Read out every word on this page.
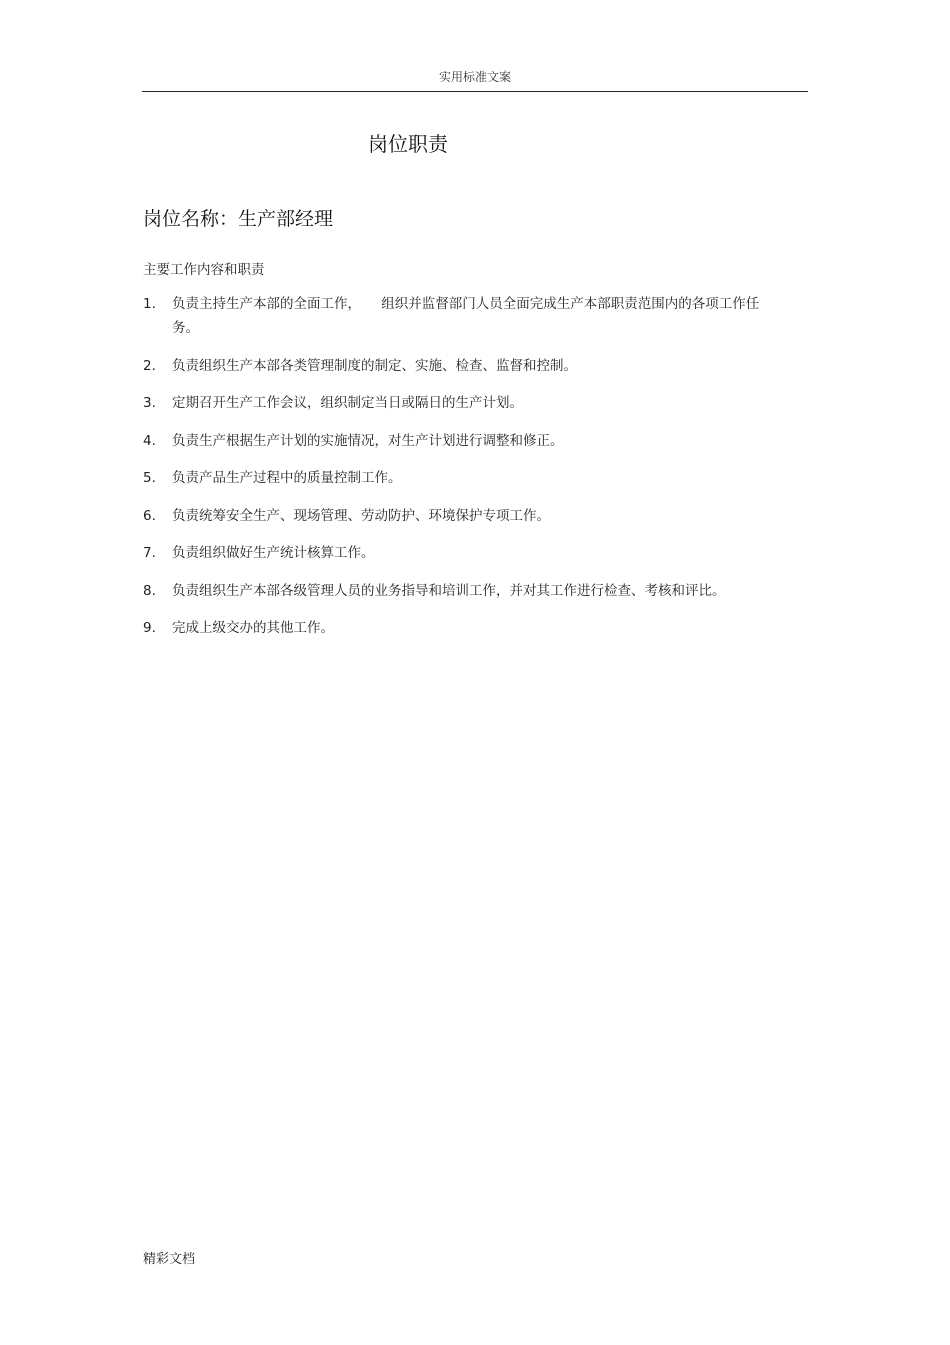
实用标准文案
岗位职责
岗位名称：生产部经理
主要工作内容和职责
1. 负责主持生产本部的全面工作，　　组织并监督部门人员全面完成生产本部职责范围内的各项工作任务。
2. 负责组织生产本部各类管理制度的制定、实施、检查、监督和控制。
3. 定期召开生产工作会议，组织制定当日或隔日的生产计划。
4. 负责生产根据生产计划的实施情况，对生产计划进行调整和修正。
5. 负责产品生产过程中的质量控制工作。
6. 负责统筹安全生产、现场管理、劳动防护、环境保护专项工作。
7. 负责组织做好生产统计核算工作。
8. 负责组织生产本部各级管理人员的业务指导和培训工作，并对其工作进行检查、考核和评比。
9. 完成上级交办的其他工作。
精彩文档
